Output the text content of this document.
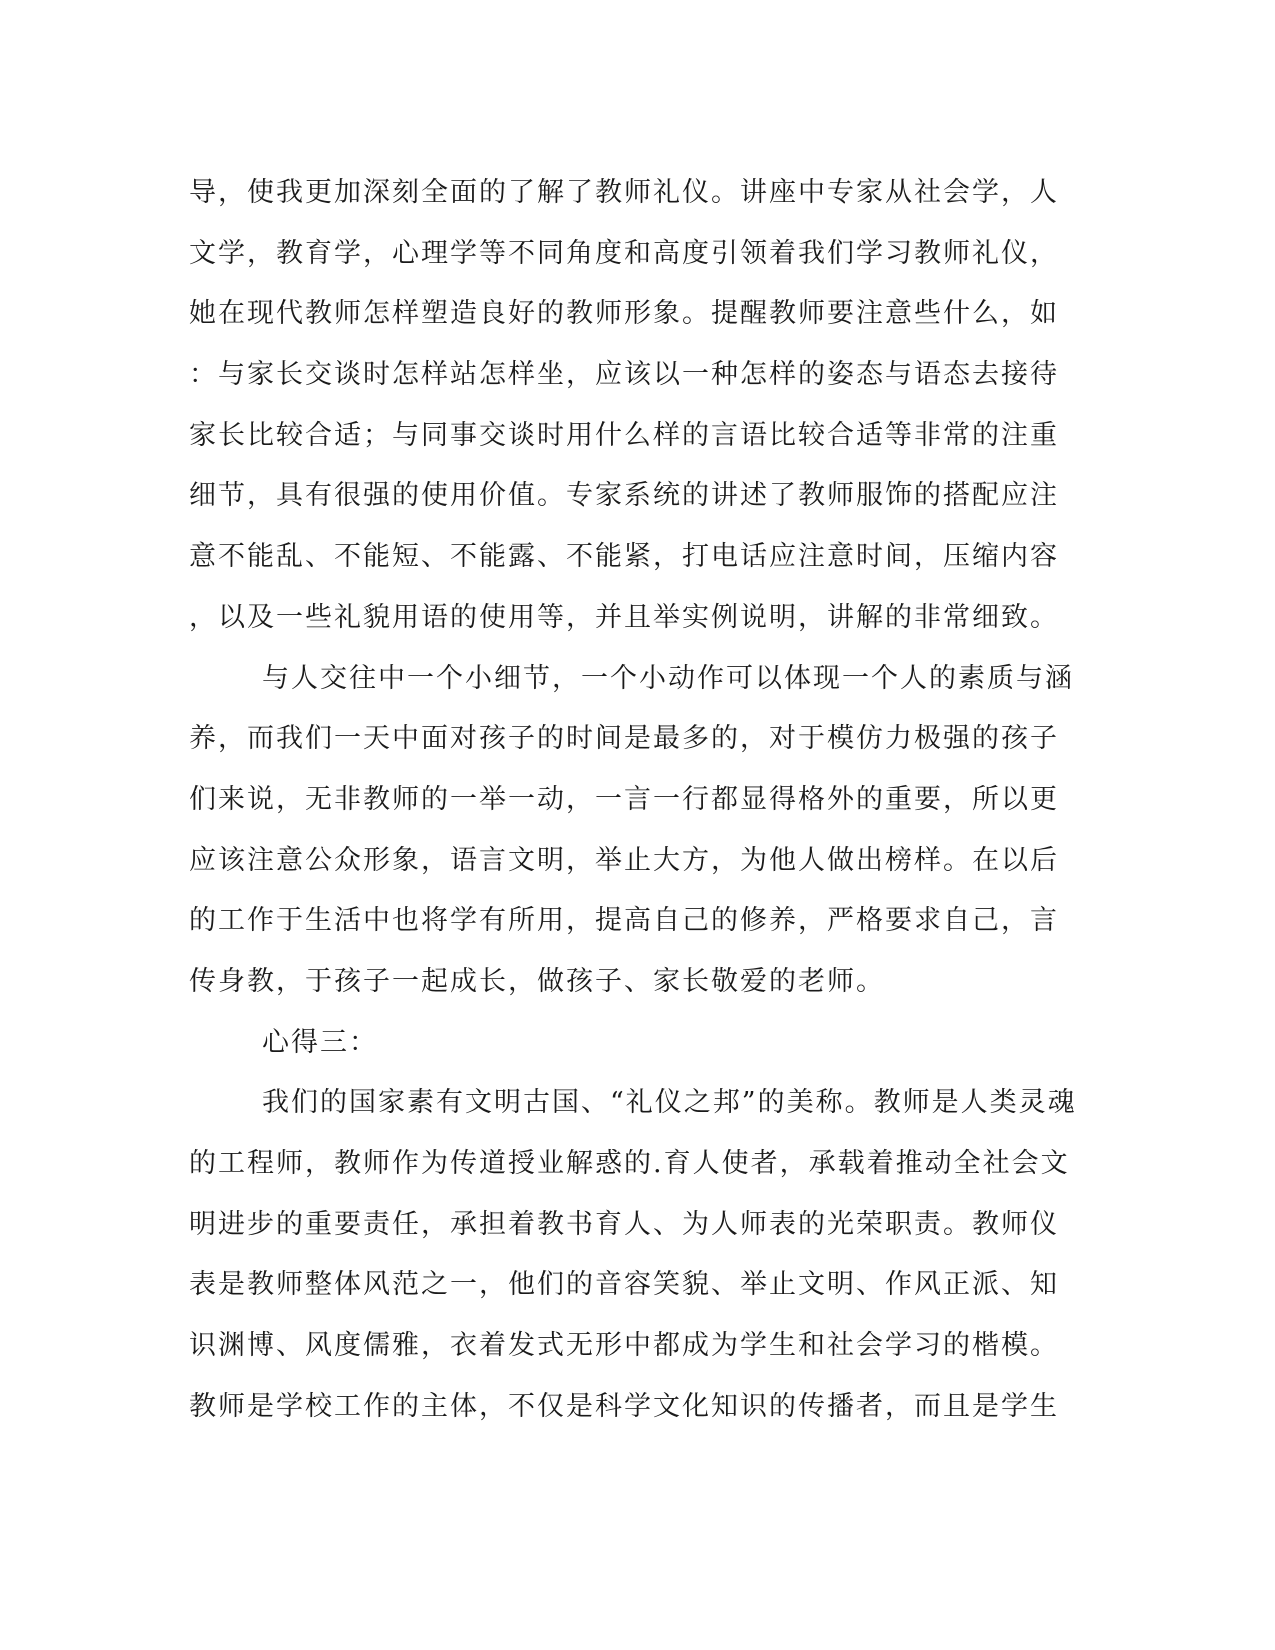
导，使我更加深刻全面的了解了教师礼仪。讲座中专家从社会学，人
文学，教育学，心理学等不同角度和高度引领着我们学习教师礼仪，
她在现代教师怎样塑造良好的教师形象。提醒教师要注意些什么，如
：与家长交谈时怎样站怎样坐，应该以一种怎样的姿态与语态去接待
家长比较合适；与同事交谈时用什么样的言语比较合适等非常的注重
细节，具有很强的使用价值。专家系统的讲述了教师服饰的搭配应注
意不能乱、不能短、不能露、不能紧，打电话应注意时间，压缩内容
，以及一些礼貌用语的使用等，并且举实例说明，讲解的非常细致。
与人交往中一个小细节，一个小动作可以体现一个人的素质与涵
养，而我们一天中面对孩子的时间是最多的，对于模仿力极强的孩子
们来说，无非教师的一举一动，一言一行都显得格外的重要，所以更
应该注意公众形象，语言文明，举止大方，为他人做出榜样。在以后
的工作于生活中也将学有所用，提高自己的修养，严格要求自己，言
传身教，于孩子一起成长，做孩子、家长敬爱的老师。
心得三：
我们的国家素有文明古国、“礼仪之邦”的美称。教师是人类灵魂
的工程师，教师作为传道授业解惑的.育人使者，承载着推动全社会文
明进步的重要责任，承担着教书育人、为人师表的光荣职责。教师仪
表是教师整体风范之一，他们的音容笑貌、举止文明、作风正派、知
识渊博、风度儒雅，衣着发式无形中都成为学生和社会学习的楷模。
教师是学校工作的主体，不仅是科学文化知识的传播者，而且是学生
